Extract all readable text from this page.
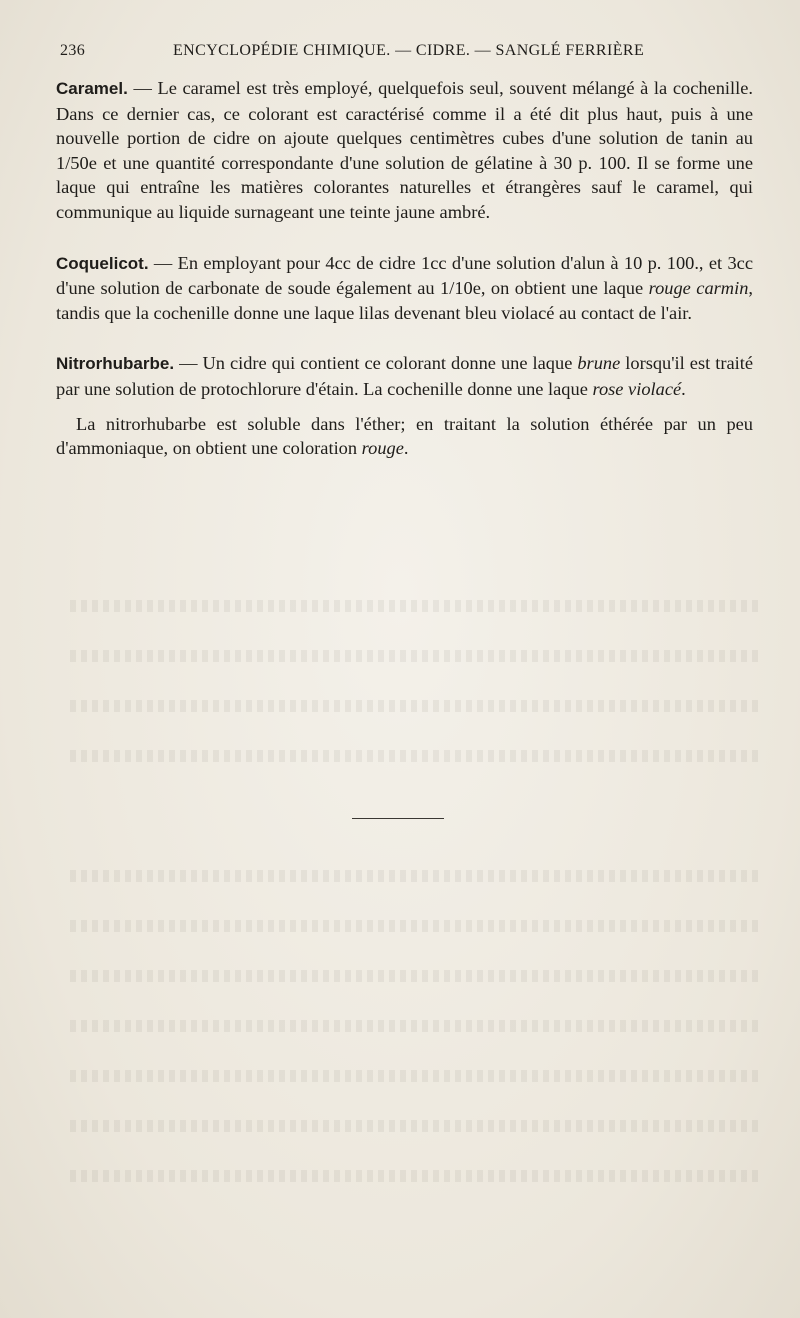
236	ENCYCLOPÉDIE CHIMIQUE. — CIDRE. — SANGLÉ FERRIÈRE

Caramel. — Le caramel est très employé, quelquefois seul, souvent mélangé à la cochenille. Dans ce dernier cas, ce colorant est caractérisé comme il a été dit plus haut, puis à une nouvelle portion de cidre on ajoute quelques centimètres cubes d'une solution de tanin au 1/50e et une quantité correspondante d'une solution de gélatine à 30 p. 100. Il se forme une laque qui entraîne les matières colorantes naturelles et étrangères sauf le caramel, qui communique au liquide surnageant une teinte jaune ambré.

Coquelicot. — En employant pour 4cc de cidre 1cc d'une solution d'alun à 10 p. 100., et 3cc d'une solution de carbonate de soude également au 1/10e, on obtient une laque rouge carmin, tandis que la cochenille donne une laque lilas devenant bleu violacé au contact de l'air.

Nitrorhubarbe. — Un cidre qui contient ce colorant donne une laque brune lorsqu'il est traité par une solution de protochlorure d'étain. La cochenille donne une laque rose violacé.

La nitrorhubarbe est soluble dans l'éther; en traitant la solution éthérée par un peu d'ammoniaque, on obtient une coloration rouge.
